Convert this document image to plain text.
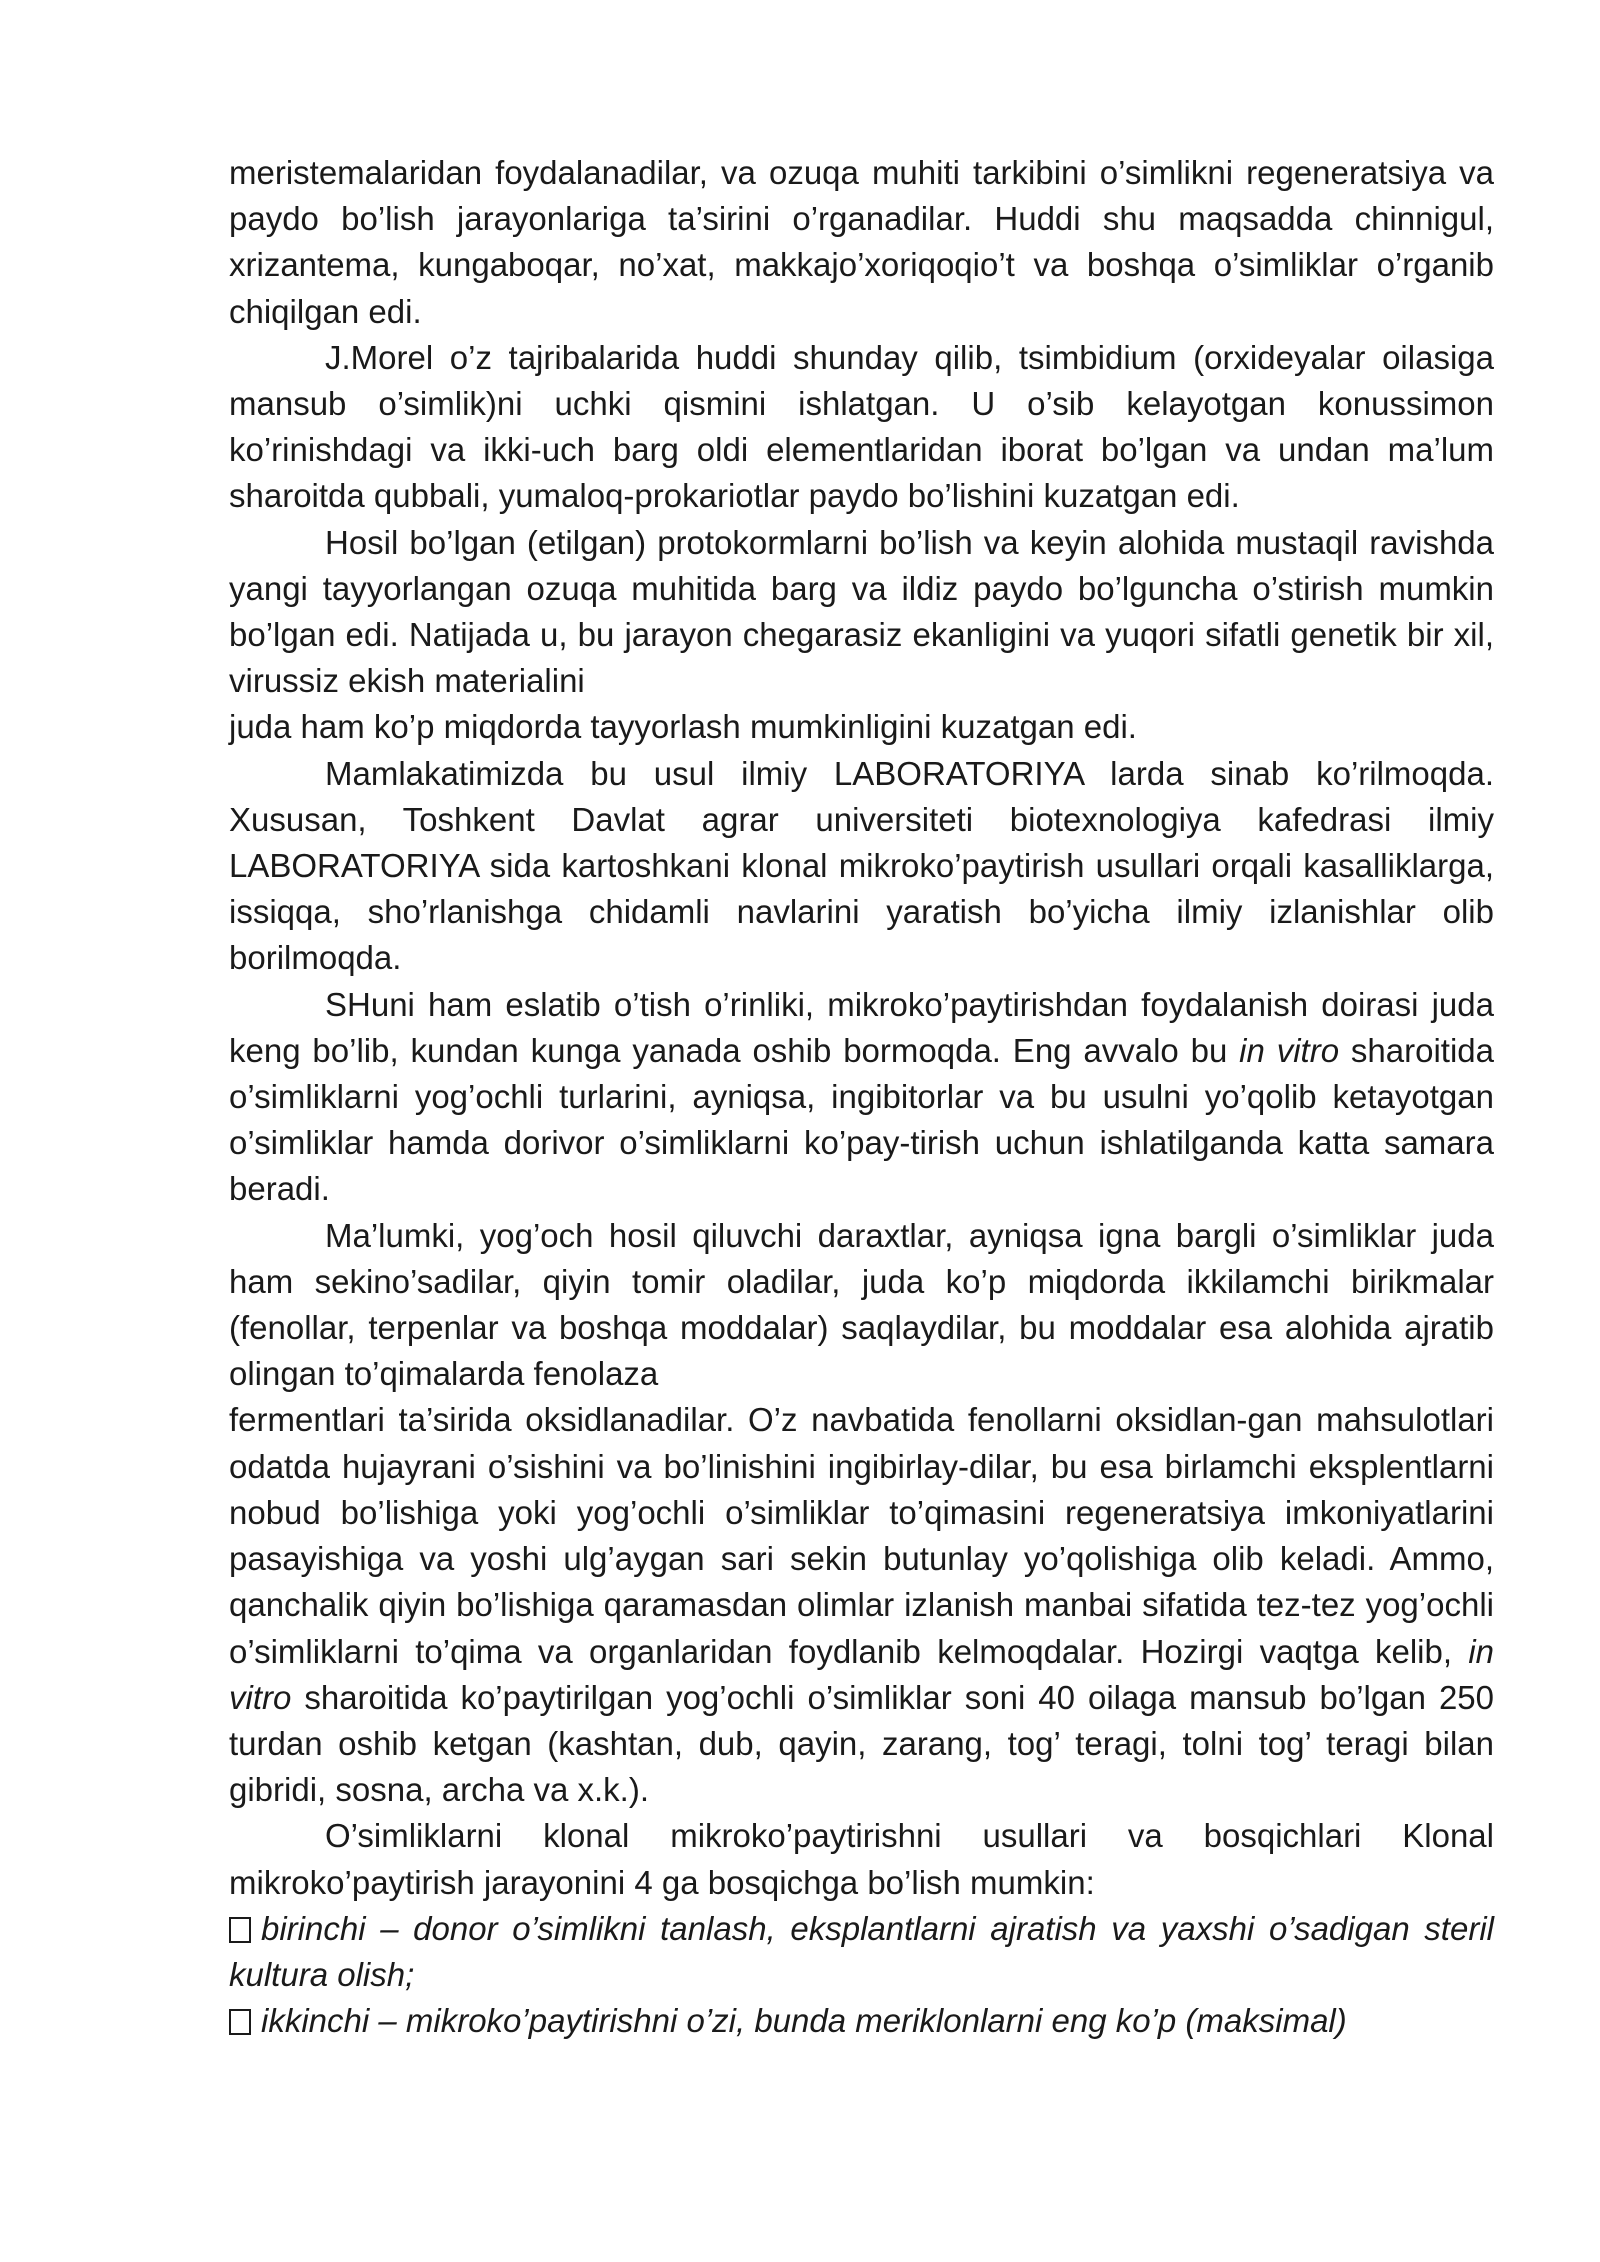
meristemalaridan foydalanadilar, va ozuqa muhiti tarkibini o’simlikni regeneratsiya va paydo bo’lish jarayonlariga ta’sirini o’rganadilar. Huddi shu maqsadda chinnigul, xrizantema, kungaboqar, no’xat, makkajo’xoriqoqio’t va boshqa o’simliklar o’rganib chiqilgan edi.

J.Morel o’z tajribalarida huddi shunday qilib, tsimbidium (orxideyalar oilasiga mansub o’simlik)ni uchki qismini ishlatgan. U o’sib kelayotgan konussimon ko’rinishdagi va ikki-uch barg oldi elementlaridan iborat bo’lgan va undan ma’lum sharoitda qubbali, yumaloq-prokariotlar paydo bo’lishini kuzatgan edi.

Hosil bo’lgan (etilgan) protokormlarni bo’lish va keyin alohida mustaqil ravishda yangi tayyorlangan ozuqa muhitida barg va ildiz paydo bo’lguncha o’stirish mumkin bo’lgan edi. Natijada u, bu jarayon chegarasiz ekanligini va yuqori sifatli genetik bir xil, virussiz ekish materialini

juda ham ko’p miqdorda tayyorlash mumkinligini kuzatgan edi.

Mamlakatimizda bu usul ilmiy LABORATORIYA larda sinab ko’rilmoqda. Xususan, Toshkent Davlat agrar universiteti biotexnologiya kafedrasi ilmiy LABORATORIYA sida kartoshkani klonal mikroko’paytirish usullari orqali kasalliklarga, issiqqa, sho’rlanishga chidamli navlarini yaratish bo’yicha ilmiy izlanishlar olib borilmoqda.

SHuni ham eslatib o’tish o’rinliki, mikroko’paytirishdan foydalanish doirasi juda keng bo’lib, kundan kunga yanada oshib bormoqda. Eng avvalo bu in vitro sharoitida o’simliklarni yog’ochli turlarini, ayniqsa, ingibitorlar va bu usulni yo’qolib ketayotgan o’simliklar hamda dorivor o’simliklarni ko’pay-tirish uchun ishlatilganda katta samara beradi.

Ma’lumki, yog’och hosil qiluvchi daraxtlar, ayniqsa igna bargli o’simliklar juda ham sekino’sadilar, qiyin tomir oladilar, juda ko’p miqdorda ikkilamchi birikmalar (fenollar, terpenlar va boshqa moddalar) saqlaydilar, bu moddalar esa alohida ajratib olingan to’qimalarda fenolaza

fermentlari ta’sirida oksidlanadilar. O’z navbatida fenollarni oksidlan-gan mahsulotlari odatda hujayrani o’sishini va bo’linishini ingibirlay-dilar, bu esa birlamchi eksplentlarni nobud bo’lishiga yoki yog’ochli o’simliklar to’qimasini regeneratsiya imkoniyatlarini pasayishiga va yoshi ulg’aygan sari sekin butunlay yo’qolishiga olib keladi. Ammo, qanchalik qiyin bo’lishiga qaramasdan olimlar izlanish manbai sifatida tez-tez yog’ochli o’simliklarni to’qima va organlaridan foydlanib kelmoqdalar. Hozirgi vaqtga kelib, in vitro sharoitida ko’paytirilgan yog’ochli o’simliklar soni 40 oilaga mansub bo’lgan 250 turdan oshib ketgan (kashtan, dub, qayin, zarang, tog’ teragi, tolni tog’ teragi bilan gibridi, sosna, archa va x.k.).

O’simliklarni klonal mikroko’paytirishni usullari va bosqichlari Klonal mikroko’paytirish jarayonini 4 ga bosqichga bo’lish mumkin:

birinchi – donor o’simlikni tanlash, eksplantlarni ajratish va yaxshi o’sadigan steril kultura olish;

ikkinchi – mikroko’paytirishni o’zi, bunda meriklonlarni eng ko’p (maksimal)
